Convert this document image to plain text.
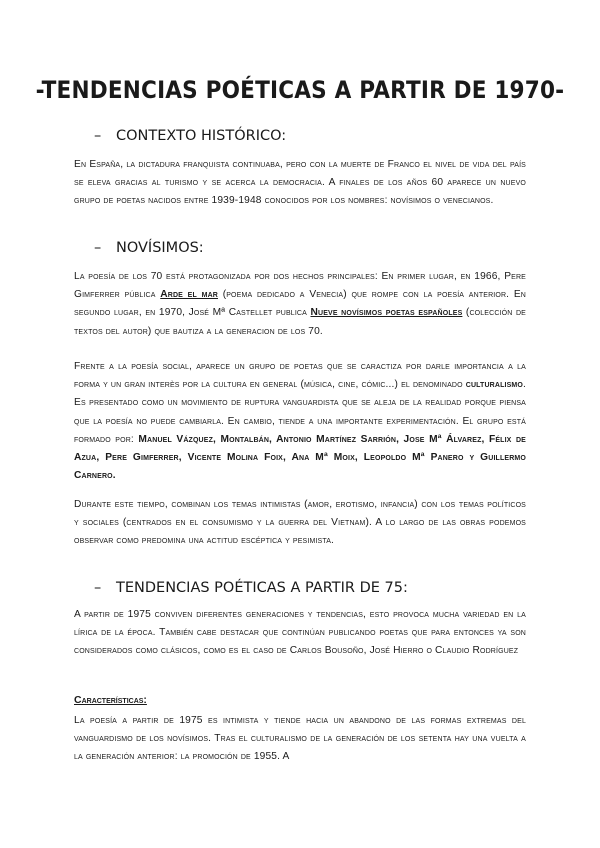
-TENDENCIAS POÉTICAS A PARTIR DE 1970-
– CONTEXTO HISTÓRICO:

En España, la dictadura franquista continuaba, pero con la muerte de Franco el nivel de vida del país se eleva gracias al turismo y se acerca la democracia. A finales de los años 60 aparece un nuevo grupo de poetas nacidos entre 1939-1948 conocidos por los nombres: novísimos o venecianos.

– NOVÍSIMOS:

La poesía de los 70 está protagonizada por dos hechos principales: En primer lugar, en 1966, Pere Gimferrer pública Arde el mar (poema dedicado a Venecia) que rompe con la poesía anterior. En segundo lugar, en 1970, José Mª Castellet publica Nueve novísimos poetas españoles (colección de textos del autor) que bautiza a la generacion de los 70.

Frente a la poesía social, aparece un grupo de poetas que se caractiza por darle importancia a la forma y un gran interès por la cultura en general (música, cine, cómic...) el denominado culturalismo. Es presentado como un movimiento de ruptura vanguardista que se aleja de la realidad porque piensa que la poesía no puede cambiarla. En cambio, tiende a una importante experimentación. El grupo está formado por: Manuel Vázquez, Montalbán, Antonio Martínez Sarrión, Jose Mª Álvarez, Félix de Azua, Pere Gimferrer, Vicente Molina Foix, Ana Mª Moix, Leopoldo Mª Panero y Guillermo Carnero.

Durante este tiempo, combinan los temas intimistas (amor, erotismo, infancia) con los temas políticos y sociales (centrados en el consumismo y la guerra del Vietnam). A lo largo de las obras podemos observar como predomina una actitud escéptica y pesimista.

– TENDENCIAS POÉTICAS A PARTIR DE 75:

A partir de 1975 conviven diferentes generaciones y tendencias, esto provoca mucha variedad en la lírica de la época. También cabe destacar que continúan publicando poetas que para entonces ya son considerados como clásicos, como es el caso de Carlos Bousoño, José Hierro o Claudio Rodríguez

Características:

La poesía a partir de 1975 es intimista y tiende hacia un abandono de las formas extremas del vanguardismo de los novísimos. Tras el culturalismo de la generación de los setenta hay una vuelta a la generación anterior: la promoción de 1955. A
